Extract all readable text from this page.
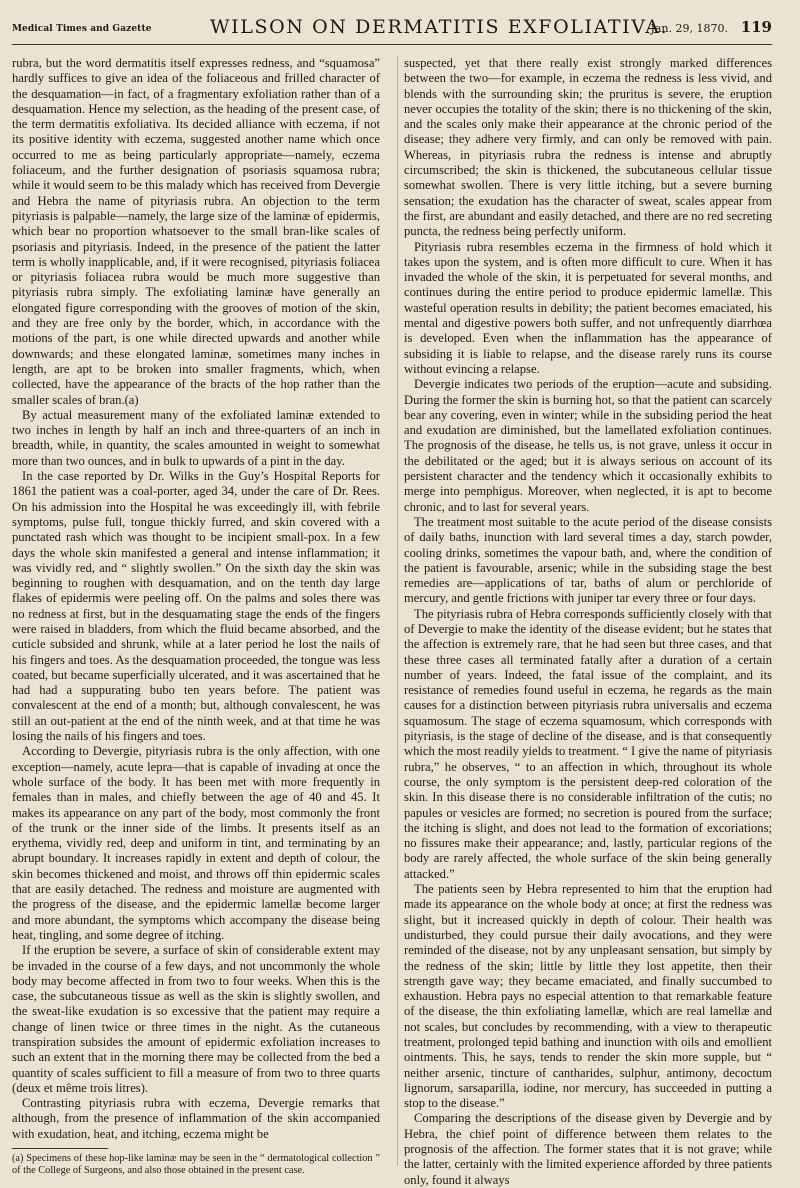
Medical Times and Gazette	WILSON ON DERMATITIS EXFOLIATIVA.
Jan. 29, 1870. 119

rubra, but the word dermatitis itself expresses redness, and “squamosa” hardly suffices to give an idea of the foliaceous and frilled character of the desquamation—in fact, of a fragmentary exfoliation rather than of a desquamation. Hence my selection, as the heading of the present case, of the term dermatitis exfoliativa. Its decided alliance with eczema, if not its positive identity with eczema, suggested another name which once occurred to me as being particularly appropriate—namely, eczema foliaceum, and the further designation of psoriasis squamosa rubra; while it would seem to be this malady which has received from Devergie and Hebra the name of pityriasis rubra. An objection to the term pityriasis is palpable—namely, the large size of the laminæ of epidermis, which bear no proportion whatsoever to the small bran-like scales of psoriasis and pityriasis. Indeed, in the presence of the patient the latter term is wholly inapplicable, and, if it were recognised, pityriasis foliacea or pityriasis foliacea rubra would be much more suggestive than pityriasis rubra simply. The exfoliating laminæ have generally an elongated figure corresponding with the grooves of motion of the skin, and they are free only by the border, which, in accordance with the motions of the part, is one while directed upwards and another while downwards; and these elongated laminæ, sometimes many inches in length, are apt to be broken into smaller fragments, which, when collected, have the appearance of the bracts of the hop rather than the smaller scales of bran.(a)

By actual measurement many of the exfoliated laminæ extended to two inches in length by half an inch and three-quarters of an inch in breadth, while, in quantity, the scales amounted in weight to somewhat more than two ounces, and in bulk to upwards of a pint in the day.

In the case reported by Dr. Wilks in the Guy’s Hospital Reports for 1861 the patient was a coal-porter, aged 34, under the care of Dr. Rees. On his admission into the Hospital he was exceedingly ill, with febrile symptoms, pulse full, tongue thickly furred, and skin covered with a punctated rash which was thought to be incipient small-pox. In a few days the whole skin manifested a general and intense inflammation; it was vividly red, and “ slightly swollen.” On the sixth day the skin was beginning to roughen with desquamation, and on the tenth day large flakes of epidermis were peeling off. On the palms and soles there was no redness at first, but in the desquamating stage the ends of the fingers were raised in bladders, from which the fluid became absorbed, and the cuticle subsided and shrunk, while at a later period he lost the nails of his fingers and toes. As the desquamation proceeded, the tongue was less coated, but became superficially ulcerated, and it was ascertained that he had had a suppurating bubo ten years before. The patient was convalescent at the end of a month; but, although convalescent, he was still an out-patient at the end of the ninth week, and at that time he was losing the nails of his fingers and toes.

According to Devergie, pityriasis rubra is the only affection, with one exception—namely, acute lepra—that is capable of invading at once the whole surface of the body. It has been met with more frequently in females than in males, and chiefly between the age of 40 and 45. It makes its appearance on any part of the body, most commonly the front of the trunk or the inner side of the limbs. It presents itself as an erythema, vividly red, deep and uniform in tint, and terminating by an abrupt boundary. It increases rapidly in extent and depth of colour, the skin becomes thickened and moist, and throws off thin epidermic scales that are easily detached. The redness and moisture are augmented with the progress of the disease, and the epidermic lamellæ become larger and more abundant, the symptoms which accompany the disease being heat, tingling, and some degree of itching.

If the eruption be severe, a surface of skin of considerable extent may be invaded in the course of a few days, and not uncommonly the whole body may become affected in from two to four weeks. When this is the case, the subcutaneous tissue as well as the skin is slightly swollen, and the sweat-like exudation is so excessive that the patient may require a change of linen twice or three times in the night. As the cutaneous transpiration subsides the amount of epidermic exfoliation increases to such an extent that in the morning there may be collected from the bed a quantity of scales sufficient to fill a measure of from two to three quarts (deux et même trois litres).

Contrasting pityriasis rubra with eczema, Devergie remarks that although, from the presence of inflammation of the skin accompanied with exudation, heat, and itching, eczema might be

(a) Specimens of these hop-like laminæ may be seen in the “ dermatological collection ” of the College of Surgeons, and also those obtained in the present case.

suspected, yet that there really exist strongly marked differences between the two—for example, in eczema the redness is less vivid, and blends with the surrounding skin; the pruritus is severe, the eruption never occupies the totality of the skin; there is no thickening of the skin, and the scales only make their appearance at the chronic period of the disease; they adhere very firmly, and can only be removed with pain. Whereas, in pityriasis rubra the redness is intense and abruptly circumscribed; the skin is thickened, the subcutaneous cellular tissue somewhat swollen. There is very little itching, but a severe burning sensation; the exudation has the character of sweat, scales appear from the first, are abundant and easily detached, and there are no red secreting puncta, the redness being perfectly uniform.

Pityriasis rubra resembles eczema in the firmness of hold which it takes upon the system, and is often more difficult to cure. When it has invaded the whole of the skin, it is perpetuated for several months, and continues during the entire period to produce epidermic lamellæ. This wasteful operation results in debility; the patient becomes emaciated, his mental and digestive powers both suffer, and not unfrequently diarrhœa is developed. Even when the inflammation has the appearance of subsiding it is liable to relapse, and the disease rarely runs its course without evincing a relapse.

Devergie indicates two periods of the eruption—acute and subsiding. During the former the skin is burning hot, so that the patient can scarcely bear any covering, even in winter; while in the subsiding period the heat and exudation are diminished, but the lamellated exfoliation continues. The prognosis of the disease, he tells us, is not grave, unless it occur in the debilitated or the aged; but it is always serious on account of its persistent character and the tendency which it occasionally exhibits to merge into pemphigus. Moreover, when neglected, it is apt to become chronic, and to last for several years.

The treatment most suitable to the acute period of the disease consists of daily baths, inunction with lard several times a day, starch powder, cooling drinks, sometimes the vapour bath, and, where the condition of the patient is favourable, arsenic; while in the subsiding stage the best remedies are—applications of tar, baths of alum or perchloride of mercury, and gentle frictions with juniper tar every three or four days.

The pityriasis rubra of Hebra corresponds sufficiently closely with that of Devergie to make the identity of the disease evident; but he states that the affection is extremely rare, that he had seen but three cases, and that these three cases all terminated fatally after a duration of a certain number of years. Indeed, the fatal issue of the complaint, and its resistance of remedies found useful in eczema, he regards as the main causes for a distinction between pityriasis rubra universalis and eczema squamosum. The stage of eczema squamosum, which corresponds with pityriasis, is the stage of decline of the disease, and is that consequently which the most readily yields to treatment. “ I give the name of pityriasis rubra,” he observes, “ to an affection in which, throughout its whole course, the only symptom is the persistent deep-red coloration of the skin. In this disease there is no considerable infiltration of the cutis; no papules or vesicles are formed; no secretion is poured from the surface; the itching is slight, and does not lead to the formation of excoriations; no fissures make their appearance; and, lastly, particular regions of the body are rarely affected, the whole surface of the skin being generally attacked.”

The patients seen by Hebra represented to him that the eruption had made its appearance on the whole body at once; at first the redness was slight, but it increased quickly in depth of colour. Their health was undisturbed, they could pursue their daily avocations, and they were reminded of the disease, not by any unpleasant sensation, but simply by the redness of the skin; little by little they lost appetite, then their strength gave way; they became emaciated, and finally succumbed to exhaustion. Hebra pays no especial attention to that remarkable feature of the disease, the thin exfoliating lamellæ, which are real lamellæ and not scales, but concludes by recommending, with a view to therapeutic treatment, prolonged tepid bathing and inunction with oils and emollient ointments. This, he says, tends to render the skin more supple, but “ neither arsenic, tincture of cantharides, sulphur, antimony, decoctum lignorum, sarsaparilla, iodine, nor mercury, has succeeded in putting a stop to the disease.”

Comparing the descriptions of the disease given by Devergie and by Hebra, the chief point of difference between them relates to the prognosis of the affection. The former states that it is not grave; while the latter, certainly with the limited experience afforded by three patients only, found it always
